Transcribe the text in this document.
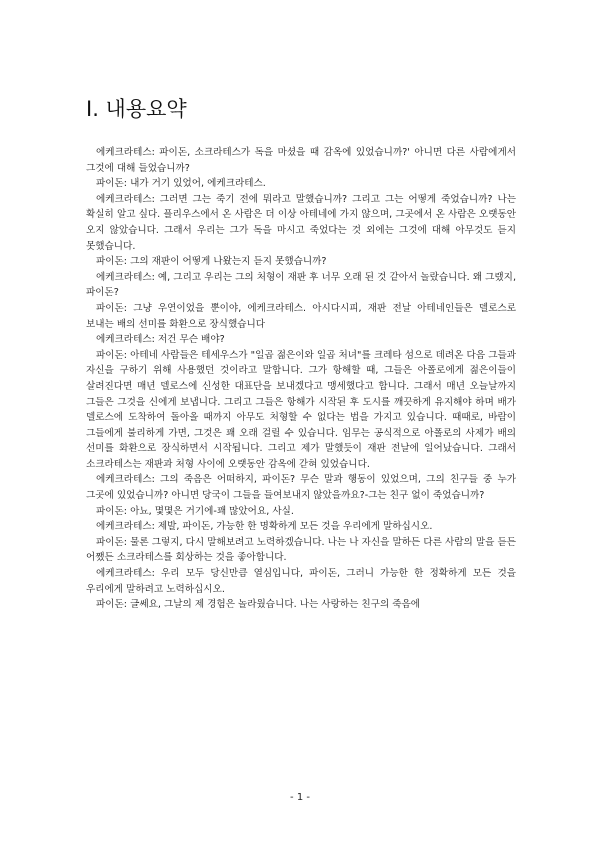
I. 내용요약

에케크라테스: 파이돈, 소크라테스가 독을 마셨을 때 감옥에 있었습니까?' 아니면 다른 사람에게서 그것에 대해 들었습니까?

파이돈: 내가 거기 있었어, 에케크라테스.

에케크라테스: 그러면 그는 죽기 전에 뭐라고 말했습니까? 그리고 그는 어떻게 죽었습니까? 나는 확실히 알고 싶다. 플리우스에서 온 사람은 더 이상 아테네에 가지 않으며, 그곳에서 온 사람은 오랫동안 오지 않았습니다. 그래서 우리는 그가 독을 마시고 죽었다는 것 외에는 그것에 대해 아무것도 듣지 못했습니다.

파이돈: 그의 재판이 어떻게 나왔는지 듣지 못했습니까?

에케크라테스: 예, 그리고 우리는 그의 처형이 재판 후 너무 오래 된 것 같아서 놀랐습니다. 왜 그랬지, 파이돈?

파이돈: 그냥 우연이었을 뿐이야, 에케크라테스. 아시다시피, 재판 전날 아테네인들은 델로스로 보내는 배의 선미를 화환으로 장식했습니다

에케크라테스: 저건 무슨 배야?

파이돈: 아테네 사람들은 테세우스가 "일곱 젊은이와 일곱 처녀"를 크레타 섬으로 데려온 다음 그들과 자신을 구하기 위해 사용했던 것이라고 말합니다. 그가 항해할 때, 그들은 아폴로에게 젊은이들이 살려진다면 매년 델로스에 신성한 대표단을 보내겠다고 맹세했다고 합니다. 그래서 매년 오늘날까지 그들은 그것을 신에게 보냅니다. 그리고 그들은 항해가 시작된 후 도시를 깨끗하게 유지해야 하며 배가 델로스에 도착하여 돌아올 때까지 아무도 처형할 수 없다는 법을 가지고 있습니다. 때때로, 바람이 그들에게 불리하게 가면, 그것은 꽤 오래 걸릴 수 있습니다. 임무는 공식적으로 아폴로의 사제가 배의 선미를 화환으로 장식하면서 시작됩니다. 그리고 제가 말했듯이 재판 전날에 일어났습니다. 그래서 소크라테스는 재판과 처형 사이에 오랫동안 감옥에 갇혀 있었습니다.

에케크라테스: 그의 죽음은 어떠하지, 파이돈? 무슨 말과 행동이 있었으며, 그의 친구들 중 누가 그곳에 있었습니까? 아니면 당국이 그들을 들여보내지 않았을까요?-그는 친구 없이 죽었습니까?

파이돈: 아뇨, 몇몇은 거기에-꽤 많았어요, 사실.

에케크라테스: 제발, 파이돈, 가능한 한 명확하게 모든 것을 우리에게 말하십시오.

파이돈: 물론 그렇지, 다시 말해보려고 노력하겠습니다. 나는 나 자신을 말하든 다른 사람의 말을 듣든 어쨌든 소크라테스를 회상하는 것을 좋아합니다.

에케크라테스: 우리 모두 당신만큼 열심입니다, 파이돈, 그러니 가능한 한 정확하게 모든 것을 우리에게 말하려고 노력하십시오.

파이돈: 글쎄요, 그날의 제 경험은 놀라웠습니다. 나는 사랑하는 친구의 죽음에

- 1 -
